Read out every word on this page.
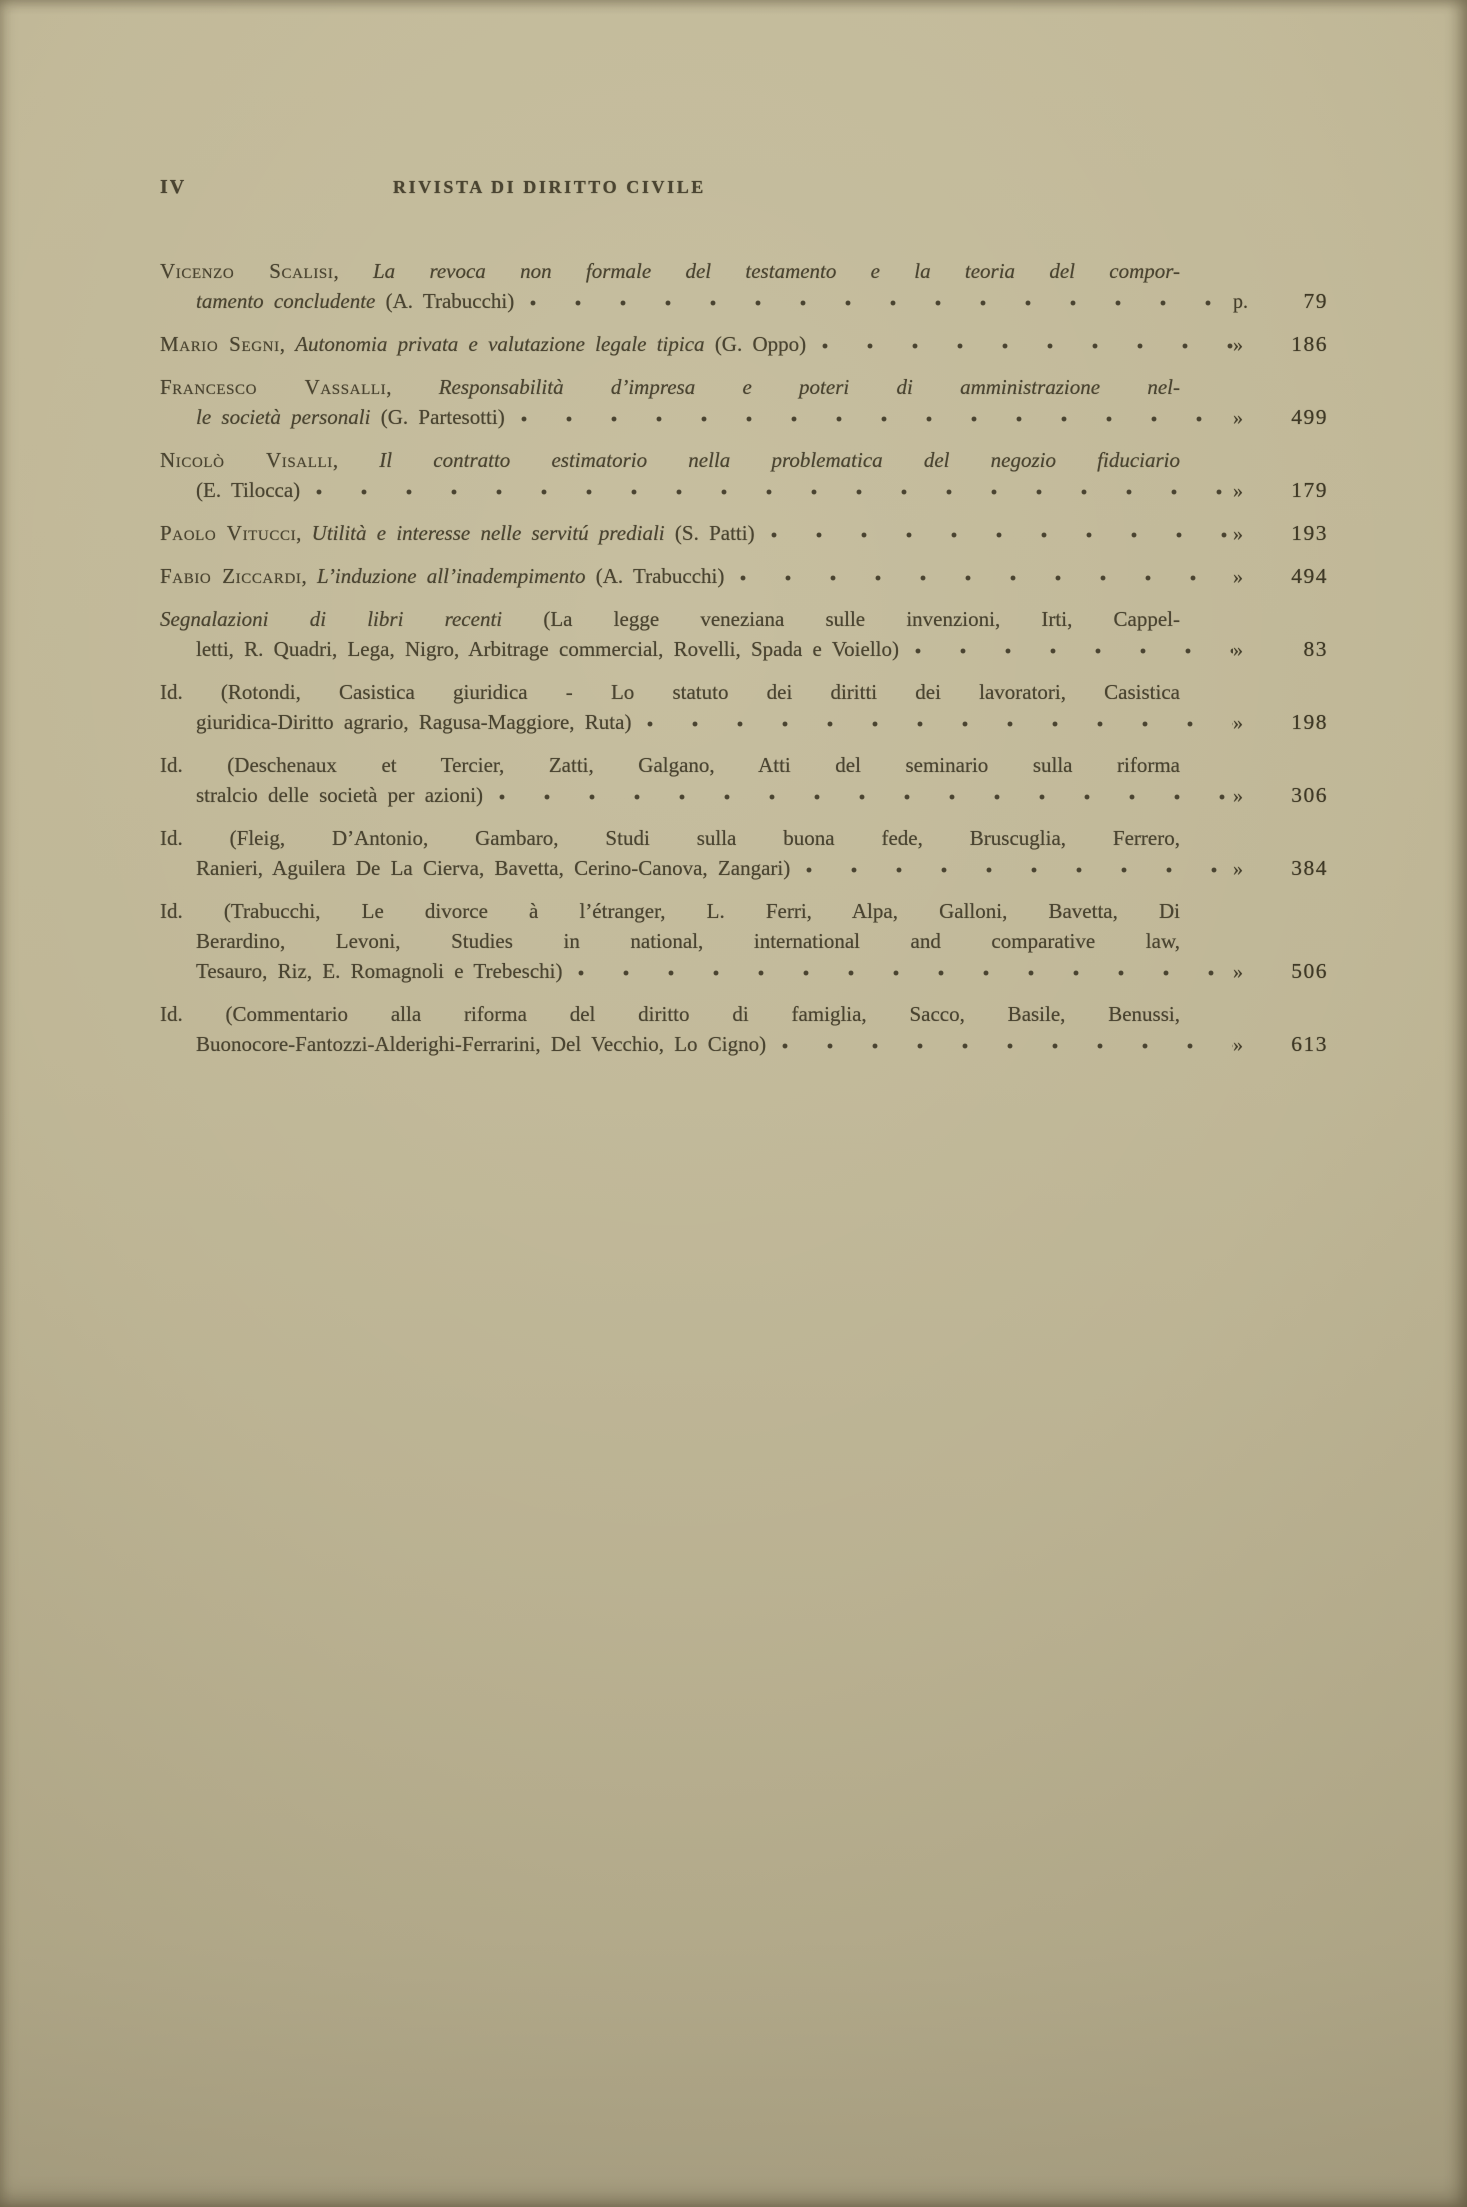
IV	RIVISTA DI DIRITTO CIVILE
Vicenzo Scalisi, La revoca non formale del testamento e la teoria del compor-
tamento concludente (A. Trabucchi)	p.	79
Mario Segni, Autonomia privata e valutazione legale tipica (G. Oppo)	»	186
Francesco Vassalli, Responsabilità d’impresa e poteri di amministrazione nel-
le società personali (G. Partesotti)	»	499
Nicolò Visalli, Il contratto estimatorio nella problematica del negozio fiduciario
(E. Tilocca)	»	179
Paolo Vitucci, Utilità e interesse nelle servitú prediali (S. Patti)	»	193
Fabio Ziccardi, L’induzione all’inadempimento (A. Trabucchi)	»	494
Segnalazioni di libri recenti (La legge veneziana sulle invenzioni, Irti, Cappel-
letti, R. Quadri, Lega, Nigro, Arbitrage commercial, Rovelli, Spada e Voiello)	»	83
Id. (Rotondi, Casistica giuridica - Lo statuto dei diritti dei lavoratori, Casistica
giuridica-Diritto agrario, Ragusa-Maggiore, Ruta)	»	198
Id. (Deschenaux et Tercier, Zatti, Galgano, Atti del seminario sulla riforma
stralcio delle società per azioni)	»	306
Id. (Fleig, D’Antonio, Gambaro, Studi sulla buona fede, Bruscuglia, Ferrero,
Ranieri, Aguilera De La Cierva, Bavetta, Cerino-Canova, Zangari)	»	384
Id. (Trabucchi, Le divorce à l’étranger, L. Ferri, Alpa, Galloni, Bavetta, Di
Berardino, Levoni, Studies in national, international and comparative law,
Tesauro, Riz, E. Romagnoli e Trebeschi)	»	506
Id. (Commentario alla riforma del diritto di famiglia, Sacco, Basile, Benussi,
Buonocore-Fantozzi-Alderighi-Ferrarini, Del Vecchio, Lo Cigno)	»	613
